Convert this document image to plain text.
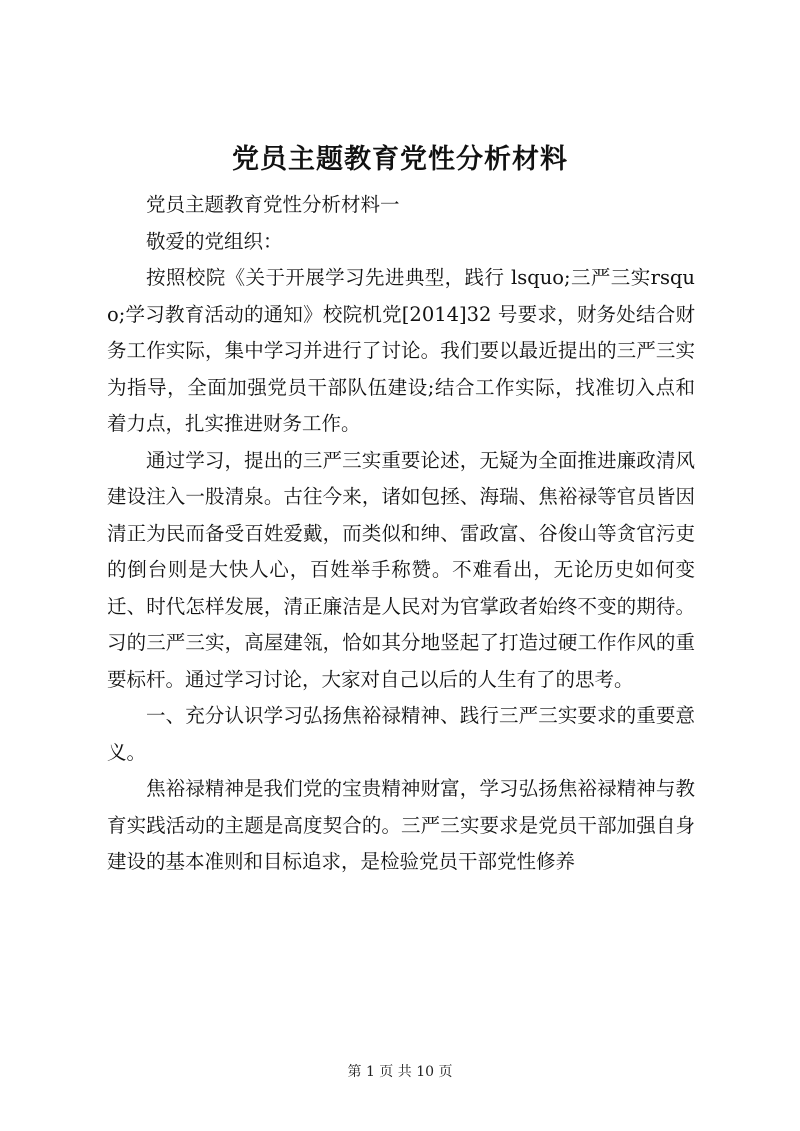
党员主题教育党性分析材料

党员主题教育党性分析材料一

敬爱的党组织：

按照校院《关于开展学习先进典型，践行 lsquo;三严三实rsquo;学习教育活动的通知》校院机党[2014]32 号要求，财务处结合财务工作实际，集中学习并进行了讨论。我们要以最近提出的三严三实为指导，全面加强党员干部队伍建设;结合工作实际，找准切入点和着力点，扎实推进财务工作。

通过学习，提出的三严三实重要论述，无疑为全面推进廉政清风建设注入一股清泉。古往今来，诸如包拯、海瑞、焦裕禄等官员皆因清正为民而备受百姓爱戴，而类似和绅、雷政富、谷俊山等贪官污吏的倒台则是大快人心，百姓举手称赞。不难看出，无论历史如何变迁、时代怎样发展，清正廉洁是人民对为官掌政者始终不变的期待。习的三严三实，高屋建瓴，恰如其分地竖起了打造过硬工作作风的重要标杆。通过学习讨论，大家对自己以后的人生有了的思考。

一、充分认识学习弘扬焦裕禄精神、践行三严三实要求的重要意义。

焦裕禄精神是我们党的宝贵精神财富，学习弘扬焦裕禄精神与教育实践活动的主题是高度契合的。三严三实要求是党员干部加强自身建设的基本准则和目标追求，是检验党员干部党性修养

第 1 页 共 10 页
